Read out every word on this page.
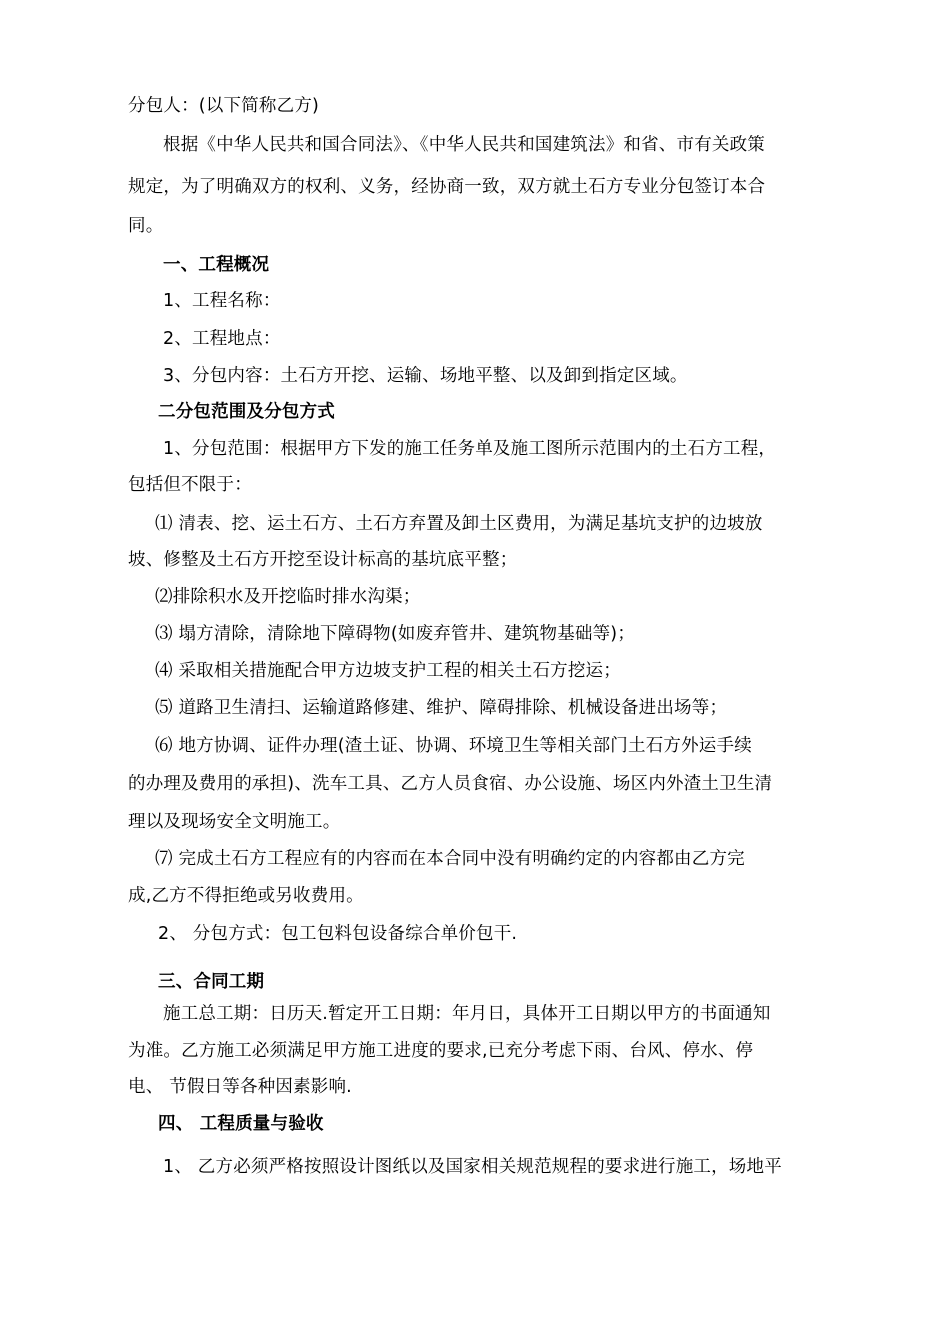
分包人：(以下简称乙方)
根据《中华人民共和国合同法》、《中华人民共和国建筑法》和省、市有关政策
规定，为了明确双方的权利、义务，经协商一致，双方就土石方专业分包签订本合
同。
一、工程概况
1、工程名称：
2、工程地点：
3、分包内容：土石方开挖、运输、场地平整、以及卸到指定区域。
二分包范围及分包方式
1、分包范围：根据甲方下发的施工任务单及施工图所示范围内的土石方工程，
包括但不限于：
⑴ 清表、挖、运土石方、土石方弃置及卸土区费用，为满足基坑支护的边坡放
坡、修整及土石方开挖至设计标高的基坑底平整；
⑵排除积水及开挖临时排水沟渠；
⑶ 塌方清除，清除地下障碍物(如废弃管井、建筑物基础等)；
⑷ 采取相关措施配合甲方边坡支护工程的相关土石方挖运；
⑸ 道路卫生清扫、运输道路修建、维护、障碍排除、机械设备进出场等；
⑹ 地方协调、证件办理(渣土证、协调、环境卫生等相关部门土石方外运手续
的办理及费用的承担)、洗车工具、乙方人员食宿、办公设施、场区内外渣土卫生清
理以及现场安全文明施工。
⑺ 完成土石方工程应有的内容而在本合同中没有明确约定的内容都由乙方完
成,乙方不得拒绝或另收费用。
2、 分包方式：包工包料包设备综合单价包干.
三、合同工期
施工总工期：日历天.暂定开工日期：年月日，具体开工日期以甲方的书面通知
为准。乙方施工必须满足甲方施工进度的要求,已充分考虑下雨、台风、停水、停
电、 节假日等各种因素影响.
四、 工程质量与验收
1、 乙方必须严格按照设计图纸以及国家相关规范规程的要求进行施工，场地平
